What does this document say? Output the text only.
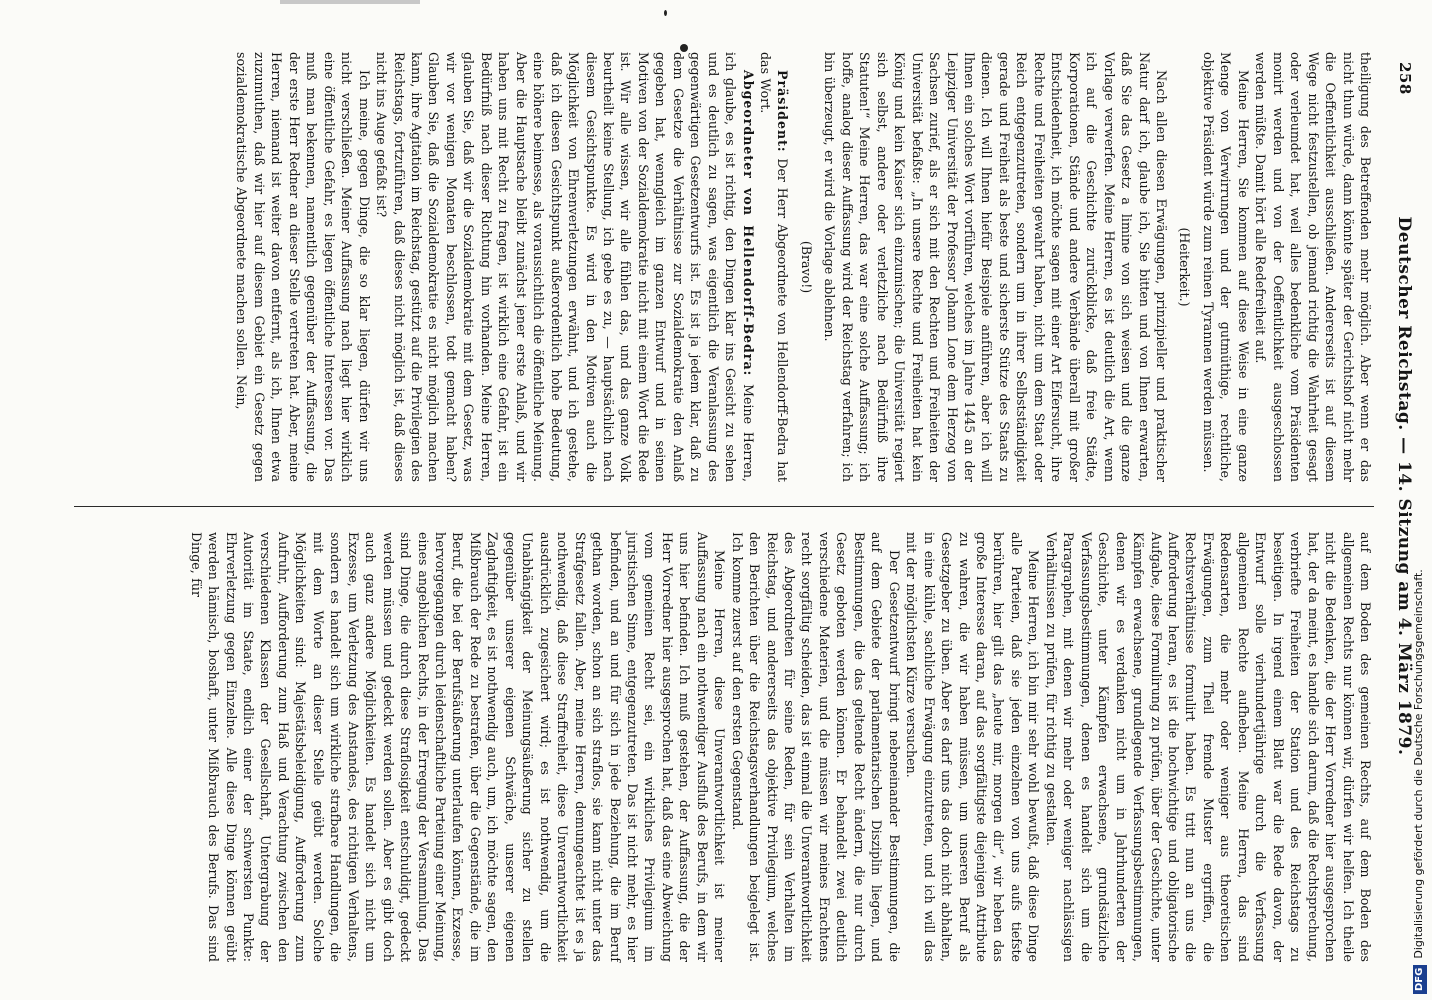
258
Deutscher Reichstag. — 14. Sitzung am 4. März 1879.

theiligung des Betreffenden mehr möglich. Aber wenn er das nicht thun würde, dann könnte später der Gerichtshof nicht mehr die Oeffentlichkeit ausschließen. Andererseits ist auf diesem Wege nicht festzustellen, ob jemand richtig die Wahrheit gesagt oder verleumdet hat, weil alles bedenkliche vom Präsidenten monirt werden und von der Oeffentlichkeit ausgeschlossen werden müßte. Damit hört alle Redefreiheit auf.

Meine Herren, Sie kommen auf diese Weise in eine ganze Menge von Verwirrungen und der gutmüthige, rechtliche, objektive Präsident würde zum reinen Tyrannen werden müssen.

(Heiterkeit.)

Nach allen diesen Erwägungen, prinzipieller und praktischer Natur darf ich, glaube ich, Sie bitten und von Ihnen erwarten, daß Sie das Gesetz a limine von sich weisen und die ganze Vorlage verwerfen. Meine Herren, es ist deutlich die Art, wenn ich auf die Geschichte zurückblicke, daß freie Städte, Korporationen, Stände und andere Verbände überall mit großer Entschiedenheit, ich möchte sagen mit einer Art Eifersucht, ihre Rechte und Freiheiten gewahrt haben, nicht um dem Staat oder Reich entgegenzutreten, sondern um in ihrer Selbstständigkeit gerade und Freiheit als beste und sicherste Stütze des Staats zu dienen. Ich will Ihnen hiefür Beispiele anführen, aber ich will Ihnen ein solches Wort vorführen, welches im Jahre 1445 an der Leipziger Universität der Professor Johann Lone dem Herzog von Sachsen zurief, als er sich mit den Rechten und Freiheiten der Universität befaßte: „In unsere Rechte und Freiheiten hat kein König und kein Kaiser sich einzumischen; die Universität regiert sich selbst, andere oder verletzliche nach Bedürfniß ihre Statuten!“ Meine Herren, das war eine solche Auffassung; ich hoffe, analog dieser Auffassung wird der Reichstag verfahren; ich bin überzeugt, er wird die Vorlage ablehnen.

(Bravo!)

Präsident: Der Herr Abgeordnete von Hellendorff-Bedra hat das Wort.

Abgeordneter von Hellendorff-Bedra: Meine Herren, ich glaube, es ist richtig, den Dingen klar ins Gesicht zu sehen und es deutlich zu sagen, was eigentlich die Veranlassung des gegenwärtigen Gesetzentwurfs ist. Es ist ja jedem klar, daß zu dem Gesetze die Verhältnisse zur Sozialdemokratie den Anlaß gegeben hat, wenngleich im ganzen Entwurf und in seinen Motiven von der Sozialdemokratie nicht mit einem Wort die Rede ist. Wir alle wissen, wir alle fühlen das, und das ganze Volk beurtheilt keine Stellung, ich gebe es zu, — hauptsächlich nach diesem Gesichtspunkte. Es wird in den Motiven auch die Möglichkeit von Ehrenverletzungen erwähnt, und ich gestehe, daß ich diesen Gesichtspunkt außerordentlich hohe Bedeutung, eine höhere beimesse, als voraussichtlich die öffentliche Meinung. Aber die Hauptsache bleibt zunächst jener erste Anlaß, und wir haben uns mit Recht zu fragen, ist wirklich eine Gefahr, ist ein Bedürfniß nach dieser Richtung hin vorhanden. Meine Herren, glauben Sie, daß wir die Sozialdemokratie mit dem Gesetz, was wir vor wenigen Monaten beschlossen, todt gemacht haben? Glauben Sie, daß die Sozialdemokratie es nicht möglich machen kann, ihre Agitation im Reichstag, gestützt auf die Privilegien des Reichstags, fortzuführen, daß dieses nicht möglich ist, daß dieses nicht ins Auge gefaßt ist?

Ich meine, gegen Dinge, die so klar liegen, dürfen wir uns nicht verschließen. Meiner Auffassung nach liegt hier wirklich eine öffentliche Gefahr, es liegen öffentliche Interessen vor. Das muß man bekennen, namentlich gegenüber der Auffassung, die der erste Herr Redner an dieser Stelle vertreten hat. Aber, meine Herren, niemand ist weiter davon entfernt, als ich, Ihnen etwa zuzumuthen, daß wir hier auf diesem Gebiet ein Gesetz gegen sozialdemokratische Abgeordnete machen sollen. Nein,

auf dem Boden des gemeinen Rechts, auf dem Boden des allgemeinen Rechts nur können wir, dürfen wir helfen. Ich theile nicht die Bedenken, die der Herr Vorredner hier ausgesprochen hat, der da meint, es handle sich darum, daß die Rechtsprechung, verbriefte Freiheiten der Station und des Reichstags zu beseitigen. In irgend einem Blatt war die Rede davon, der Entwurf solle vierhundertjährige durch die Verfassung allgemeinen Rechte aufheben. Meine Herren, das sind Redensarten, die mehr oder weniger aus theoretischen Erwägungen, zum Theil fremde Muster ergriffen, die Rechtsverhältnisse formulirt haben. Es tritt nun an uns die Aufforderung heran, es ist die hochwichtige und obligatorische Aufgabe, diese Formulirung zu prüfen, über der Geschichte, unter Kämpfen erwachsene, grundlegende Verfassungsbestimmungen, denen wir es verdanken nicht um in Jahrhunderten der Geschichte, unter Kämpfen erwachsene, grundsätzliche Verfassungsbestimmungen, denen es handelt sich um die Paragraphen, mit denen wir mehr oder weniger nachlässigen Verhältnissen zu prüfen, für richtig zu gestalten.

Meine Herren, ich bin mir sehr wohl bewußt, daß diese Dinge alle Parteien, daß sie jeden einzelnen von uns aufs tiefste berühren, hier gilt das „heute mir, morgen dir“, wir heben das große Interesse daran, auf das sorgfältigste diejenigen Attribute zu wahren, die wir haben müssen, um unseren Beruf als Gesetzgeber zu üben. Aber es darf uns das doch nicht abhalten, in eine kühle, sachliche Erwägung einzutreten, und ich will das mit der möglichsten Kürze versuchen.

Der Gesetzentwurf bringt nebeneinander Bestimmungen, die auf dem Gebiete der parlamentarischen Disziplin liegen, und Bestimmungen, die das geltende Recht ändern, die nur durch Gesetz geboten werden können. Er behandelt zwei deutlich verschiedene Materien, und die müssen wir meines Erachtens recht sorgfältig scheiden, das ist einmal die Unverantwortlichkeit des Abgeordneten für seine Reden, für sein Verhalten im Reichstag, und andererseits das objektive Privilegium, welches den Berichten über die Reichstagsverhandlungen beigelegt ist. Ich komme zuerst auf den ersten Gegenstand.

Meine Herren, diese Unverantwortlichkeit ist meiner Auffassung nach ein nothwendiger Ausfluß des Berufs, in dem wir uns hier befinden. Ich muß gestehen, der Auffassung, die der Herr Vorredner hier ausgesprochen hat, daß das eine Abweichung vom gemeinen Recht sei, ein wirkliches Privilegium im juristischen Sinne, entgegenzutreten. Das ist nicht mehr, es hier befinden, und an und für sich in jede Beziehung, die im Beruf gethan worden, schon an sich straflos, sie kann nicht unter das Strafgesetz fallen. Aber, meine Herren, demungeachtet ist es ja nothwendig, daß diese Straffreiheit, diese Unverantwortlichkeit ausdrücklich zugesichert wird; es ist nothwendig, um die Unabhängigkeit der Meinungsäußerung sicher zu stellen gegenüber unserer eigenen Schwäche, unserer eigenen Zaghaftigkeit, es ist nothwendig auch, um, ich möchte sagen, den Mißbrauch der Rede zu bestrafen, über die Gegenstände, die im Beruf, die bei der Berufsäußerung unterlaufen können, Exzesse, hervorgegangen durch leidenschaftliche Parteiung einer Meinung, eines angeblichen Rechts, in der Erregung der Versammlung. Das sind Dinge, die durch diese Straflosigkeit entschuldigt, gedeckt werden müssen und gedeckt werden sollen. Aber es gibt doch auch ganz andere Möglichkeiten. Es handelt sich nicht um Exzesse, um Verletzung des Anstandes, des richtigen Verhaltens, sondern es handelt sich um wirkliche strafbare Handlungen, die mit dem Worte an dieser Stelle geübt werden. Solche Möglichkeiten sind: Majestätsbeleidigung, Aufforderung zum Aufruhr, Aufforderung zum Haß und Verachtung zwischen den verschiedenen Klassen der Gesellschaft, Untergrabung der Autorität im Staate, endlich einer der schwersten Punkte: Ehrverletzung gegen Einzelne. Alle diese Dinge können geübt werden hämisch, boshaft, unter Mißbrauch des Berufs. Das sind Dinge, für

DFGDigitalisierung gefördert durch die Deutsche Forschungsgemeinschaft.
